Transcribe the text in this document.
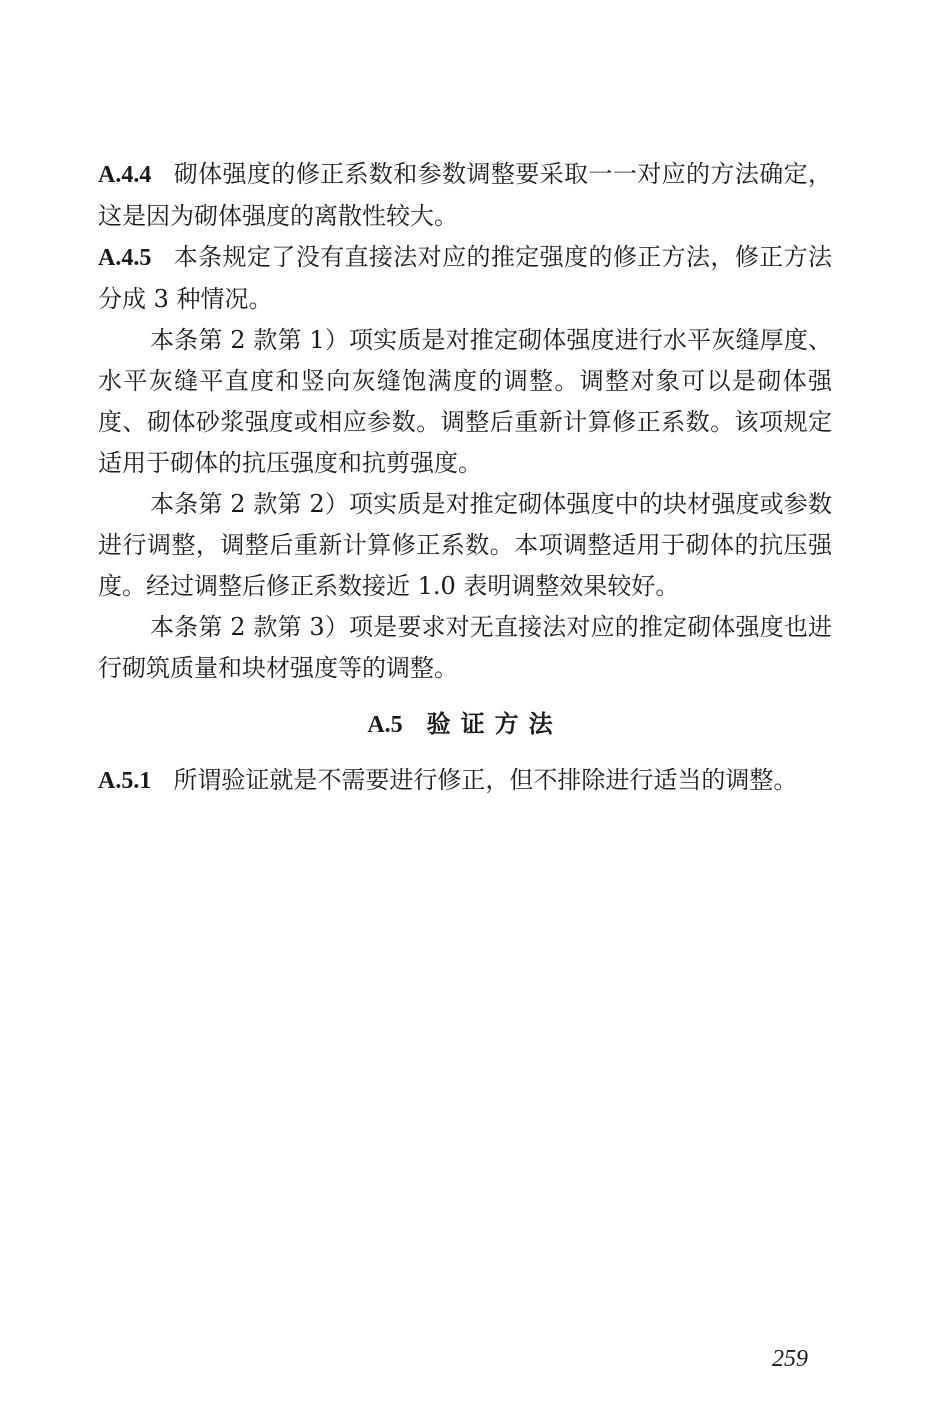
A.4.4 砌体强度的修正系数和参数调整要采取一一对应的方法确定，这是因为砌体强度的离散性较大。

A.4.5 本条规定了没有直接法对应的推定强度的修正方法，修正方法分成 3 种情况。

本条第 2 款第 1）项实质是对推定砌体强度进行水平灰缝厚度、水平灰缝平直度和竖向灰缝饱满度的调整。调整对象可以是砌体强度、砌体砂浆强度或相应参数。调整后重新计算修正系数。该项规定适用于砌体的抗压强度和抗剪强度。

本条第 2 款第 2）项实质是对推定砌体强度中的块材强度或参数进行调整，调整后重新计算修正系数。本项调整适用于砌体的抗压强度。经过调整后修正系数接近 1.0 表明调整效果较好。

本条第 2 款第 3）项是要求对无直接法对应的推定砌体强度也进行砌筑质量和块材强度等的调整。

A.5 验证方法

A.5.1 所谓验证就是不需要进行修正，但不排除进行适当的调整。

259
